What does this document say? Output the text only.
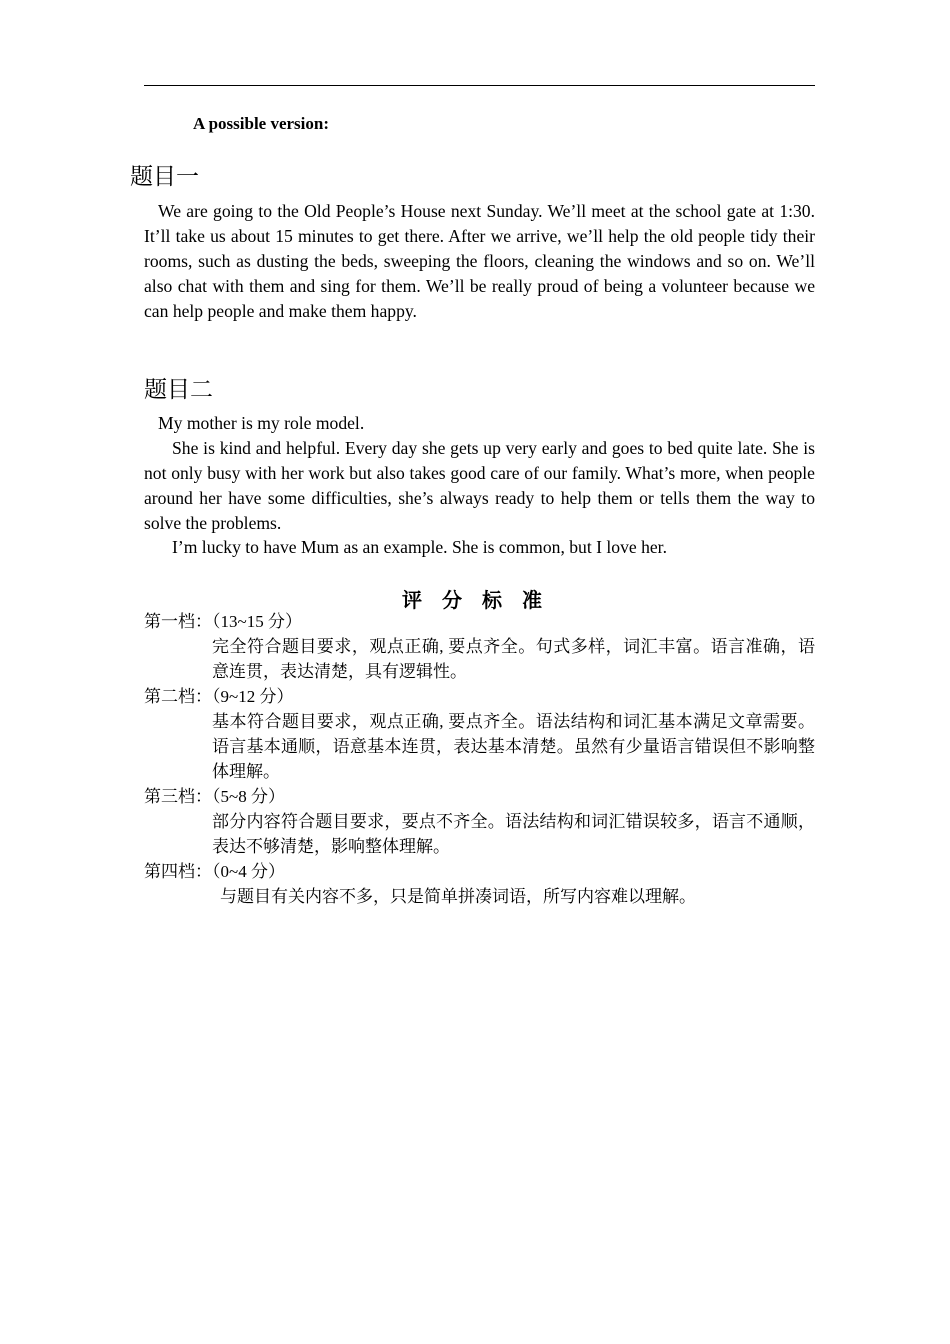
A possible version:
题目一

We are going to the Old People’s House next Sunday. We’ll meet at the school gate at 1:30. It’ll take us about 15 minutes to get there. After we arrive, we’ll help the old people tidy their rooms, such as dusting the beds, sweeping the floors, cleaning the windows and so on. We’ll also chat with them and sing for them. We’ll be really proud of being a volunteer because we can help people and make them happy.

题目二

My mother is my role model.

She is kind and helpful. Every day she gets up very early and goes to bed quite late. She is not only busy with her work but also takes good care of our family. What’s more, when people around her have some difficulties, she’s always ready to help them or tells them the way to solve the problems.

I’m lucky to have Mum as an example. She is common, but I love her.

评分标准
第一档：（13~15 分）

完全符合题目要求，观点正确, 要点齐全。句式多样，词汇丰富。语言准确，语意连贯，表达清楚，具有逻辑性。

第二档：（9~12 分）

基本符合题目要求，观点正确, 要点齐全。语法结构和词汇基本满足文章需要。语言基本通顺，语意基本连贯，表达基本清楚。虽然有少量语言错误但不影响整体理解。

第三档：（5~8 分）

部分内容符合题目要求，要点不齐全。语法结构和词汇错误较多，语言不通顺，表达不够清楚，影响整体理解。

第四档：（0~4 分）

与题目有关内容不多，只是简单拼凑词语，所写内容难以理解。
